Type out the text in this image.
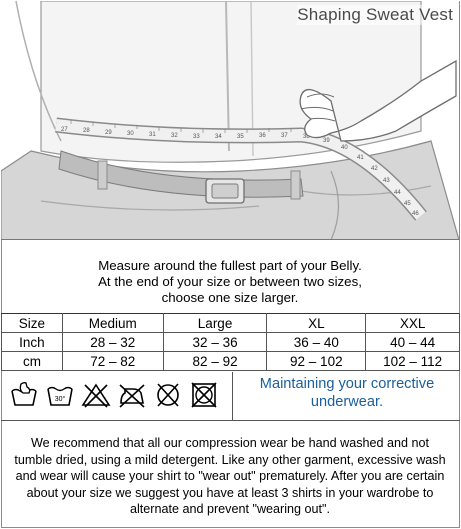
27	28	29	30	31	32	33	34	35	36	37	38
39
40
41
42
43
44
45
46
Shaping Sweat Vest
Measure around the fullest part of your Belly.
At the end of your size or between two sizes,
choose one size larger.
Size	Medium	Large	XL	XXL
Inch	28 – 32	32 – 36	36 – 40	40 – 44
cm	72 – 82	82 – 92	92 – 102	102 – 112
30°
Maintaining your corrective
underwear.
We recommend that all our compression wear be hand washed and not tumble dried, using a mild detergent. Like any other garment, excessive wash and wear will cause your shirt to "wear out" prematurely. After you are certain about your size we suggest you have at least 3 shirts in your wardrobe to alternate and prevent "wearing out".
